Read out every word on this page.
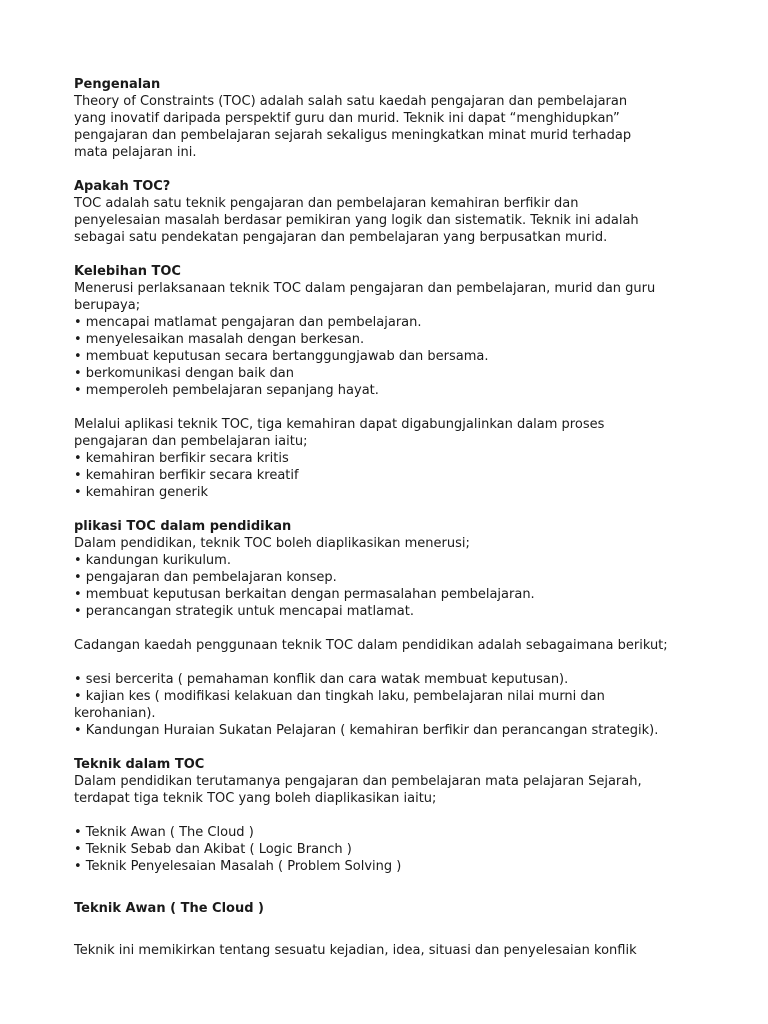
Pengenalan
Theory of Constraints (TOC) adalah salah satu kaedah pengajaran dan pembelajaran
yang inovatif daripada perspektif guru dan murid. Teknik ini dapat “menghidupkan”
pengajaran dan pembelajaran sejarah sekaligus meningkatkan minat murid terhadap
mata pelajaran ini.
Apakah TOC?
TOC adalah satu teknik pengajaran dan pembelajaran kemahiran berfikir dan
penyelesaian masalah berdasar pemikiran yang logik dan sistematik. Teknik ini adalah
sebagai satu pendekatan pengajaran dan pembelajaran yang berpusatkan murid.
Kelebihan TOC
Menerusi perlaksanaan teknik TOC dalam pengajaran dan pembelajaran, murid dan guru
berupaya;
• mencapai matlamat pengajaran dan pembelajaran.
• menyelesaikan masalah dengan berkesan.
• membuat keputusan secara bertanggungjawab dan bersama.
• berkomunikasi dengan baik dan
• memperoleh pembelajaran sepanjang hayat.
Melalui aplikasi teknik TOC, tiga kemahiran dapat digabungjalinkan dalam proses
pengajaran dan pembelajaran iaitu;
• kemahiran berfikir secara kritis
• kemahiran berfikir secara kreatif
• kemahiran generik
plikasi TOC dalam pendidikan
Dalam pendidikan, teknik TOC boleh diaplikasikan menerusi;
• kandungan kurikulum.
• pengajaran dan pembelajaran konsep.
• membuat keputusan berkaitan dengan permasalahan pembelajaran.
• perancangan strategik untuk mencapai matlamat.
Cadangan kaedah penggunaan teknik TOC dalam pendidikan adalah sebagaimana berikut;
• sesi bercerita ( pemahaman konflik dan cara watak membuat keputusan).
• kajian kes ( modifikasi kelakuan dan tingkah laku, pembelajaran nilai murni dan
kerohanian).
• Kandungan Huraian Sukatan Pelajaran ( kemahiran berfikir dan perancangan strategik).
Teknik dalam TOC
Dalam pendidikan terutamanya pengajaran dan pembelajaran mata pelajaran Sejarah,
terdapat tiga teknik TOC yang boleh diaplikasikan iaitu;
• Teknik Awan ( The Cloud )
• Teknik Sebab dan Akibat ( Logic Branch )
• Teknik Penyelesaian Masalah ( Problem Solving )
Teknik Awan ( The Cloud )
Teknik ini memikirkan tentang sesuatu kejadian, idea, situasi dan penyelesaian konflik
